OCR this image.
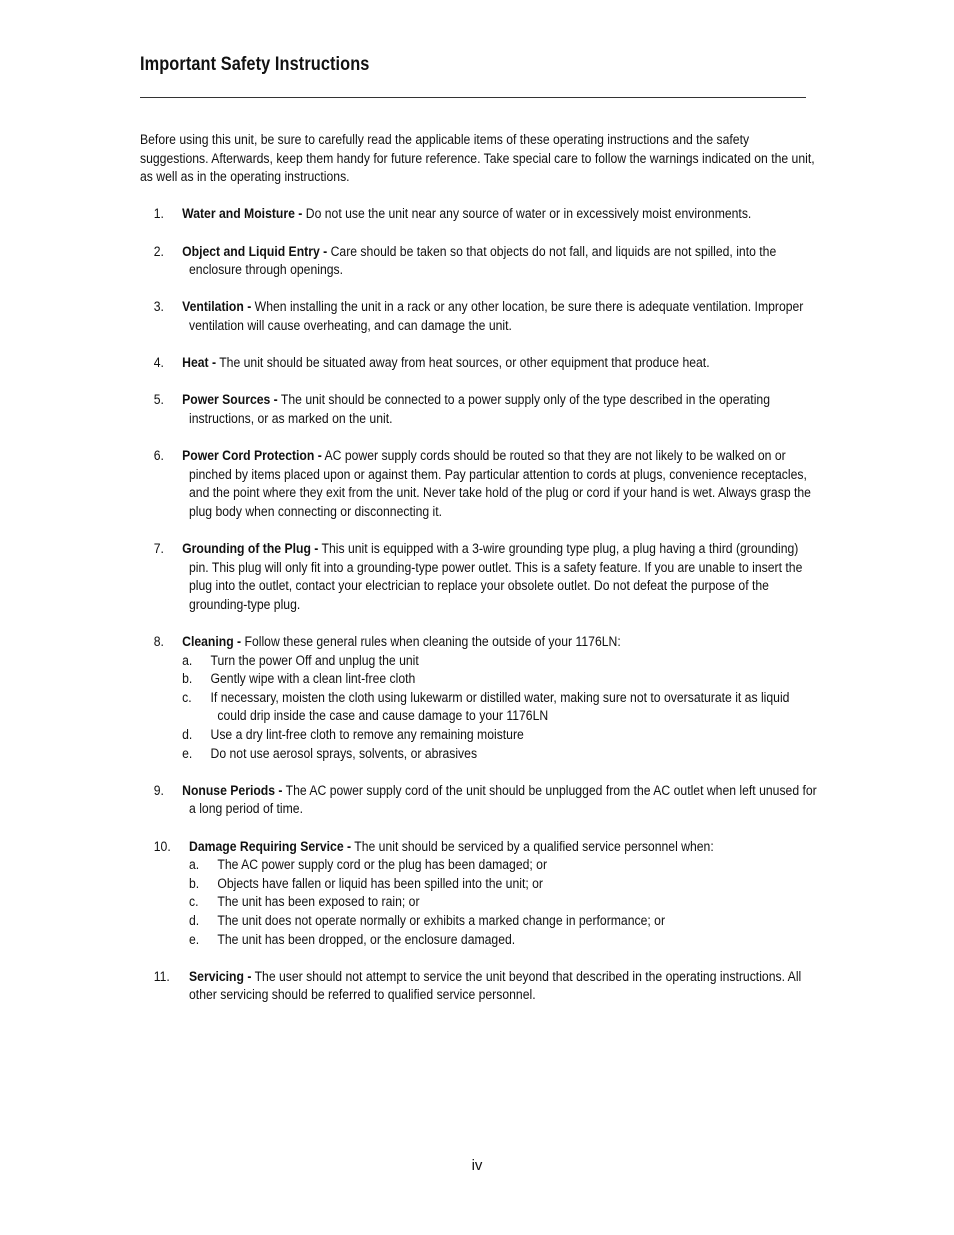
Important Safety Instructions

Before using this unit, be sure to carefully read the applicable items of these operating instructions and the safety suggestions. Afterwards, keep them handy for future reference. Take special care to follow the warnings indicated on the unit, as well as in the operating instructions.

1.	Water and Moisture - Do not use the unit near any source of water or in excessively moist environments.
2.	Object and Liquid Entry - Care should be taken so that objects do not fall, and liquids are not spilled, into the enclosure through openings.
3.	Ventilation - When installing the unit in a rack or any other location, be sure there is adequate ventilation. Improper ventilation will cause overheating, and can damage the unit.
4.	Heat - The unit should be situated away from heat sources, or other equipment that produce heat.
5.	Power Sources - The unit should be connected to a power supply only of the type described in the operating instructions, or as marked on the unit.
6.	Power Cord Protection - AC power supply cords should be routed so that they are not likely to be walked on or pinched by items placed upon or against them. Pay particular attention to cords at plugs, convenience receptacles, and the point where they exit from the unit. Never take hold of the plug or cord if your hand is wet. Always grasp the plug body when connecting or disconnecting it.
7.	Grounding of the Plug - This unit is equipped with a 3-wire grounding type plug, a plug having a third (grounding) pin. This plug will only fit into a grounding-type power outlet. This is a safety feature. If you are unable to insert the plug into the outlet, contact your electrician to replace your obsolete outlet. Do not defeat the purpose of the grounding-type plug.
8.	Cleaning - Follow these general rules when cleaning the outside of your 1176LN:
a. Turn the power Off and unplug the unit
b. Gently wipe with a clean lint-free cloth
c. If necessary, moisten the cloth using lukewarm or distilled water, making sure not to oversaturate it as liquid could drip inside the case and cause damage to your 1176LN
d. Use a dry lint-free cloth to remove any remaining moisture
e. Do not use aerosol sprays, solvents, or abrasives
9.	Nonuse Periods - The AC power supply cord of the unit should be unplugged from the AC outlet when left unused for a long period of time.
10.	Damage Requiring Service - The unit should be serviced by a qualified service personnel when:
a. The AC power supply cord or the plug has been damaged; or
b. Objects have fallen or liquid has been spilled into the unit; or
c. The unit has been exposed to rain; or
d. The unit does not operate normally or exhibits a marked change in performance; or
e. The unit has been dropped, or the enclosure damaged.
11.	Servicing - The user should not attempt to service the unit beyond that described in the operating instructions. All other servicing should be referred to qualified service personnel.
iv
